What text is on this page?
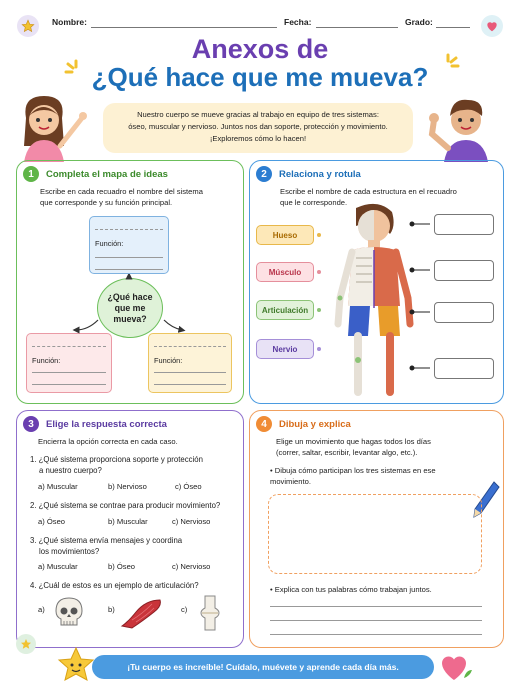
Nombre:	Fecha:	Grado:
Anexos de
¿Qué hace que me mueva?
Nuestro cuerpo se mueve gracias al trabajo en equipo de tres sistemas:
óseo, muscular y nervioso. Juntos nos dan soporte, protección y movimiento.
¡Exploremos cómo lo hacen!
1	Completa el mapa de ideas
Escribe en cada recuadro el nombre del sistema
que corresponde y su función principal.
Función:
Función:	Función:
¿Qué hace
que me
mueva?
2	Relaciona y rotula
Escribe el nombre de cada estructura en el recuadro
que le corresponde.
Hueso
Músculo
Articulación
Nervio
3	Elige la respuesta correcta
Encierra la opción correcta en cada caso.
1. ¿Qué sistema proporciona soporte y protección
a nuestro cuerpo?
a) Muscular	b) Nervioso	c) Óseo
2. ¿Qué sistema se contrae para producir movimiento?
a) Óseo	b) Muscular	c) Nervioso
3. ¿Qué sistema envía mensajes y coordina
los movimientos?
a) Muscular	b) Óseo	c) Nervioso
4. ¿Cuál de estos es un ejemplo de articulación?
a)	b)	c)
4	Dibuja y explica
Elige un movimiento que hagas todos los días
(correr, saltar, escribir, levantar algo, etc.).
• Dibuja cómo participan los tres sistemas en ese
movimiento.
• Explica con tus palabras cómo trabajan juntos.
¡Tu cuerpo es increíble! Cuídalo, muévete y aprende cada día más.
